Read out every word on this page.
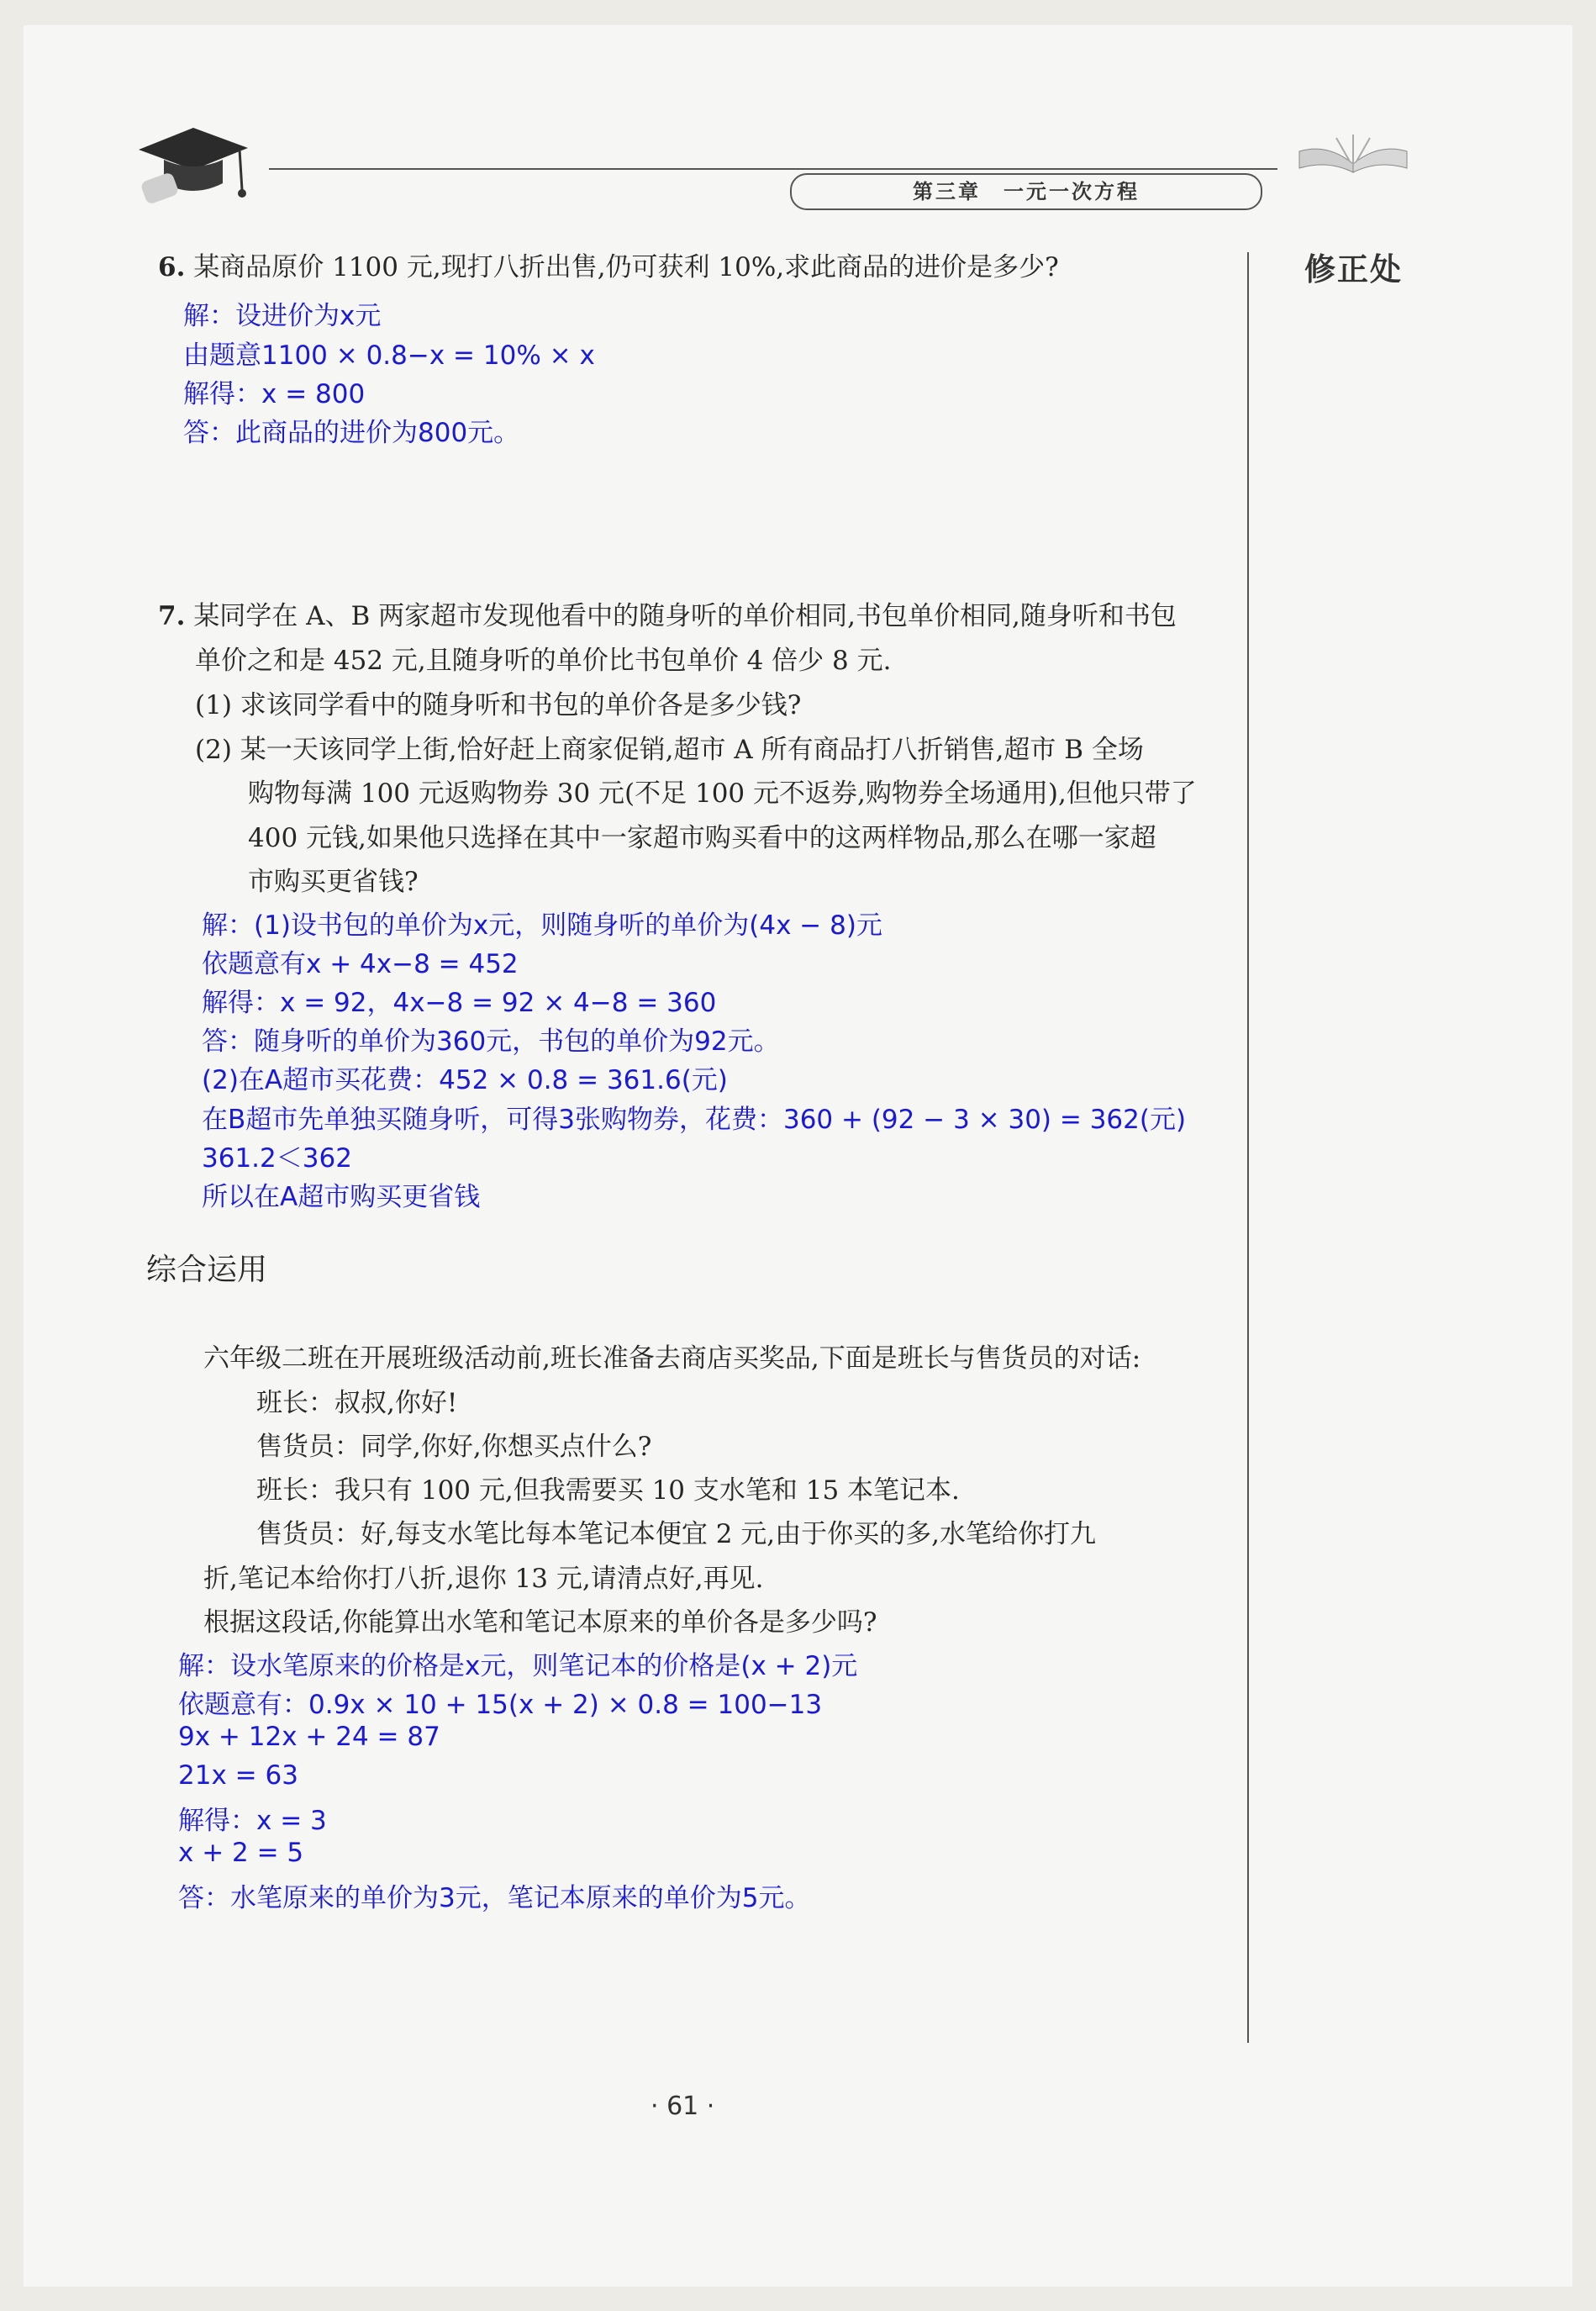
第三章　一元一次方程
修正处
6. 某商品原价 1100 元,现打八折出售,仍可获利 10%,求此商品的进价是多少?
解：设进价为x元
由题意1100 × 0.8−x = 10% × x
解得：x = 800
答：此商品的进价为800元。
7. 某同学在 A、B 两家超市发现他看中的随身听的单价相同,书包单价相同,随身听和书包
单价之和是 452 元,且随身听的单价比书包单价 4 倍少 8 元.
(1) 求该同学看中的随身听和书包的单价各是多少钱?
(2) 某一天该同学上街,恰好赶上商家促销,超市 A 所有商品打八折销售,超市 B 全场
购物每满 100 元返购物券 30 元(不足 100 元不返券,购物券全场通用),但他只带了
400 元钱,如果他只选择在其中一家超市购买看中的这两样物品,那么在哪一家超
市购买更省钱?
解：(1)设书包的单价为x元，则随身听的单价为(4x − 8)元
依题意有x + 4x−8 = 452
解得：x = 92，4x−8 = 92 × 4−8 = 360
答：随身听的单价为360元，书包的单价为92元。
(2)在A超市买花费：452 × 0.8 = 361.6(元)
在B超市先单独买随身听，可得3张购物券，花费：360 + (92 − 3 × 30) = 362(元)
361.2＜362
所以在A超市购买更省钱
综合运用
六年级二班在开展班级活动前,班长准备去商店买奖品,下面是班长与售货员的对话:
班长：叔叔,你好!
售货员：同学,你好,你想买点什么?
班长：我只有 100 元,但我需要买 10 支水笔和 15 本笔记本.
售货员：好,每支水笔比每本笔记本便宜 2 元,由于你买的多,水笔给你打九
折,笔记本给你打八折,退你 13 元,请清点好,再见.
根据这段话,你能算出水笔和笔记本原来的单价各是多少吗?
解：设水笔原来的价格是x元，则笔记本的价格是(x + 2)元
依题意有：0.9x × 10 + 15(x + 2) × 0.8 = 100−13
9x + 12x + 24 = 87
21x = 63
解得：x = 3
x + 2 = 5
答：水笔原来的单价为3元，笔记本原来的单价为5元。
· 61 ·
